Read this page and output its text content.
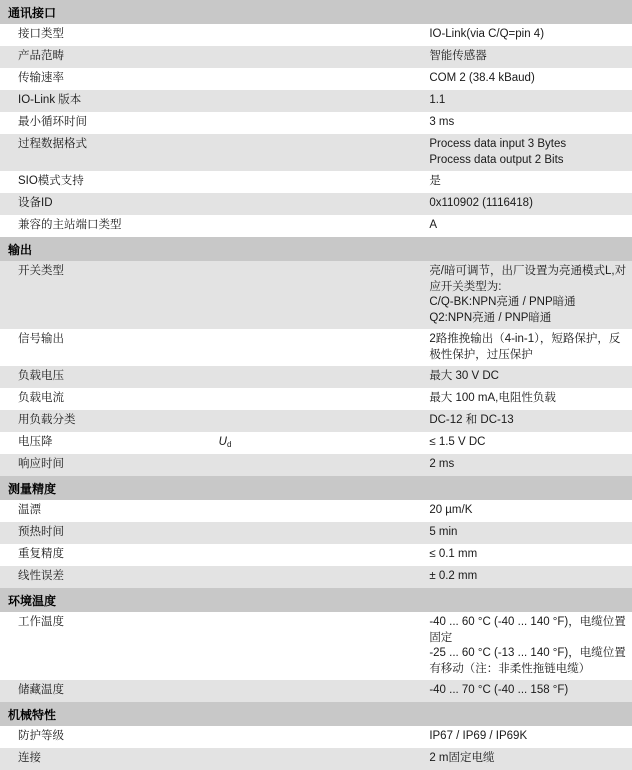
通讯接口		
接口类型		IO-Link(via C/Q=pin 4)
产品范畴		智能传感器
传输速率		COM 2 (38.4 kBaud)
IO-Link 版本		1.1
最小循环时间		3 ms
过程数据格式		Process data input 3 BytesProcess data output 2 Bits
SIO模式支持		是
设备ID		0x110902 (1116418)
兼容的主站端口类型		A
输出		
开关类型		亮/暗可调节，出厂设置为亮通模式L,对应开关类型为:
C/Q-BK:NPN亮通 / PNP暗通Q2:NPN亮通 / PNP暗通

信号输出		2路推挽输出（4-in-1），短路保护，反极性保护，过压保护
负载电压		最大 30 V DC
负载电流		最大 100 mA,电阻性负载
用负载分类		DC-12 和 DC-13
电压降	$U_d$	≤ 1.5 V DC
响应时间		2 ms
测量精度		
温漂		20 µm/K
预热时间		5 min
重复精度		≤ 0.1 mm
线性误差		± 0.2 mm
环境温度		
工作温度		-40 ... 60 °C (-40 ... 140 °F)，电缆位置固定
-25 ... 60 °C (-13 ... 140 °F)，电缆位置有移动（注：非柔性拖链电缆）

储藏温度		-40 ... 70 °C (-40 ... 158 °F)
机械特性		
防护等级		IP67 / IP69 / IP69K
连接		2 m固定电缆
